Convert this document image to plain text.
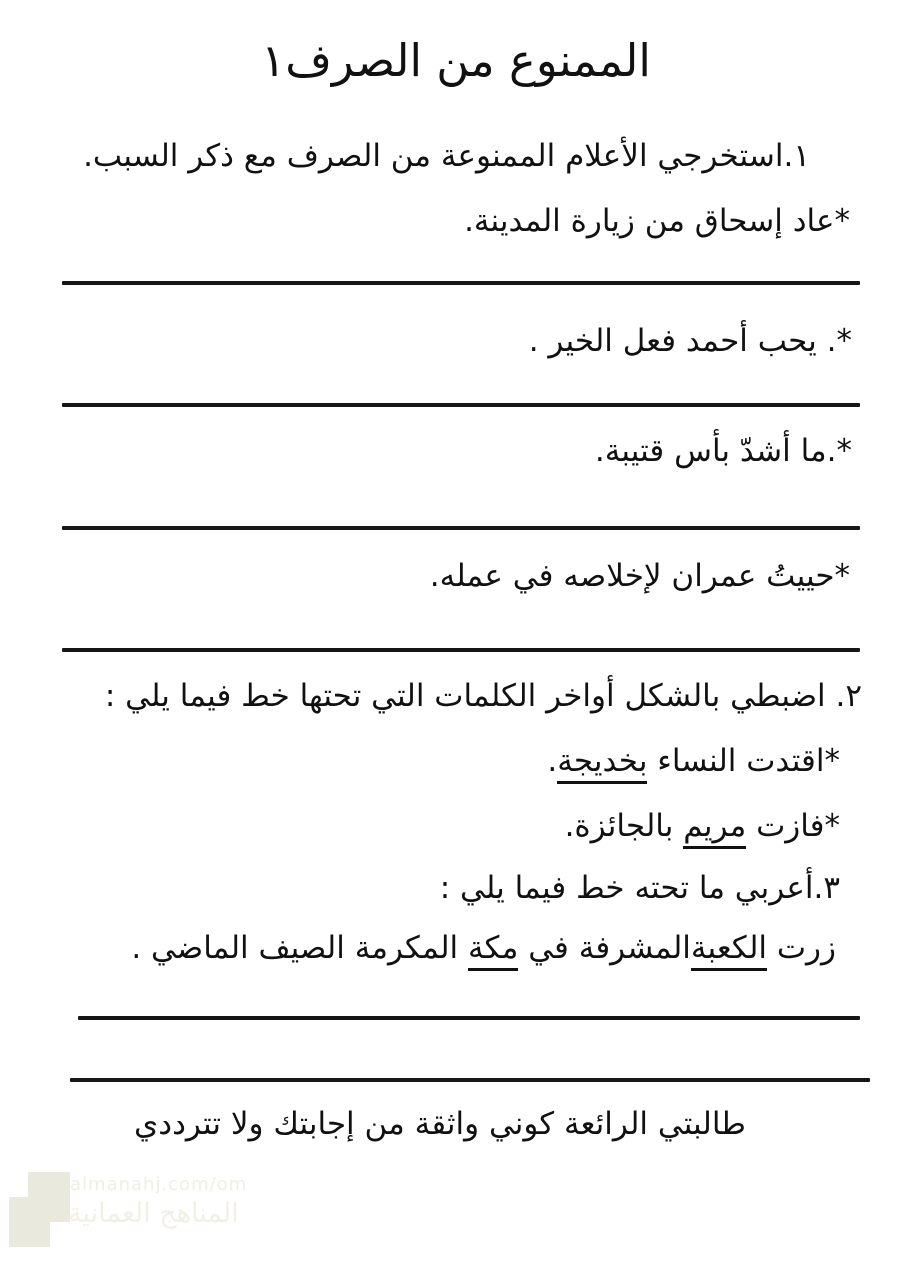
الممنوع من الصرف١
١.استخرجي الأعلام الممنوعة من الصرف مع ذكر السبب.
*عاد إسحاق من زيارة المدينة.
*. يحب أحمد فعل الخير .
*.ما أشدّ بأس قتيبة.
*حييتُ عمران لإخلاصه في عمله.
٢. اضبطي بالشكل أواخر الكلمات التي تحتها خط فيما يلي :
*اقتدت النساء بخديجة.
*فازت مريم بالجائزة.
٣.أعربي ما تحته خط فيما يلي :
زرت الكعبةالمشرفة في مكة المكرمة الصيف الماضي .
طالبتي الرائعة كوني واثقة من إجابتك ولا تترددي
almanahj.com/om
المناهج العمانية
